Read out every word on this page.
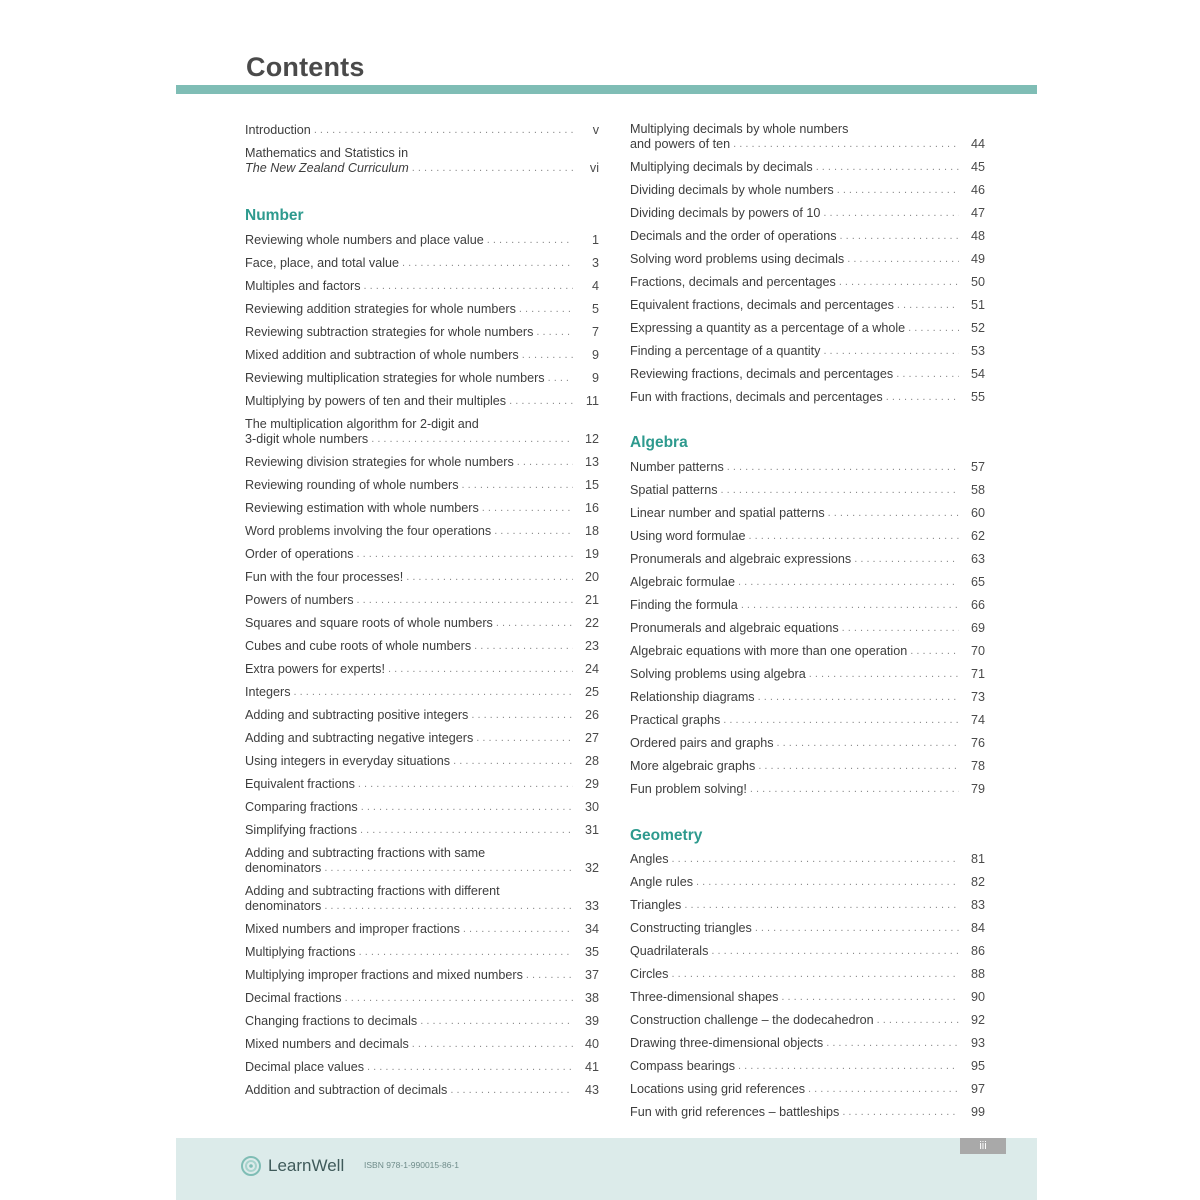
Contents
Introduction . . .	v
Mathematics and Statistics in
The New Zealand Curriculum . . .	vi
Number
Reviewing whole numbers and place value . . .	1
Face, place, and total value . . .	3
Multiples and factors . . .	4
Reviewing addition strategies for whole numbers . . .	5
Reviewing subtraction strategies for whole numbers . . .	7
Mixed addition and subtraction of whole numbers . . .	9
Reviewing multiplication strategies for whole numbers . . .	9
Multiplying by powers of ten and their multiples . . .	11
The multiplication algorithm for 2-digit and
3-digit whole numbers . . .	12
Reviewing division strategies for whole numbers . . .	13
Reviewing rounding of whole numbers . . .	15
Reviewing estimation with whole numbers . . .	16
Word problems involving the four operations . . .	18
Order of operations . . .	19
Fun with the four processes! . . .	20
Powers of numbers . . .	21
Squares and square roots of whole numbers . . .	22
Cubes and cube roots of whole numbers . . .	23
Extra powers for experts! . . .	24
Integers . . .	25
Adding and subtracting positive integers . . .	26
Adding and subtracting negative integers . . .	27
Using integers in everyday situations . . .	28
Equivalent fractions . . .	29
Comparing fractions . . .	30
Simplifying fractions . . .	31
Adding and subtracting fractions with same
denominators . . .	32
Adding and subtracting fractions with different
denominators . . .	33
Mixed numbers and improper fractions . . .	34
Multiplying fractions . . .	35
Multiplying improper fractions and mixed numbers . . .	37
Decimal fractions . . .	38
Changing fractions to decimals . . .	39
Mixed numbers and decimals . . .	40
Decimal place values . . .	41
Addition and subtraction of decimals . . .	43
Multiplying decimals by whole numbers
and powers of ten . . .	44
Multiplying decimals by decimals . . .	45
Dividing decimals by whole numbers . . .	46
Dividing decimals by powers of 10 . . .	47
Decimals and the order of operations . . .	48
Solving word problems using decimals . . .	49
Fractions, decimals and percentages . . .	50
Equivalent fractions, decimals and percentages . . .	51
Expressing a quantity as a percentage of a whole . . .	52
Finding a percentage of a quantity . . .	53
Reviewing fractions, decimals and percentages . . .	54
Fun with fractions, decimals and percentages . . .	55
Algebra
Number patterns . . .	57
Spatial patterns . . .	58
Linear number and spatial patterns . . .	60
Using word formulae . . .	62
Pronumerals and algebraic expressions . . .	63
Algebraic formulae . . .	65
Finding the formula . . .	66
Pronumerals and algebraic equations . . .	69
Algebraic equations with more than one operation . . .	70
Solving problems using algebra . . .	71
Relationship diagrams . . .	73
Practical graphs . . .	74
Ordered pairs and graphs . . .	76
More algebraic graphs . . .	78
Fun problem solving! . . .	79
Geometry
Angles . . .	81
Angle rules . . .	82
Triangles . . .	83
Constructing triangles . . .	84
Quadrilaterals . . .	86
Circles . . .	88
Three-dimensional shapes . . .	90
Construction challenge – the dodecahedron . . .	92
Drawing three-dimensional objects . . .	93
Compass bearings . . .	95
Locations using grid references . . .	97
Fun with grid references – battleships . . .	99
iii
LearnWell ISBN 978-1-990015-86-1
